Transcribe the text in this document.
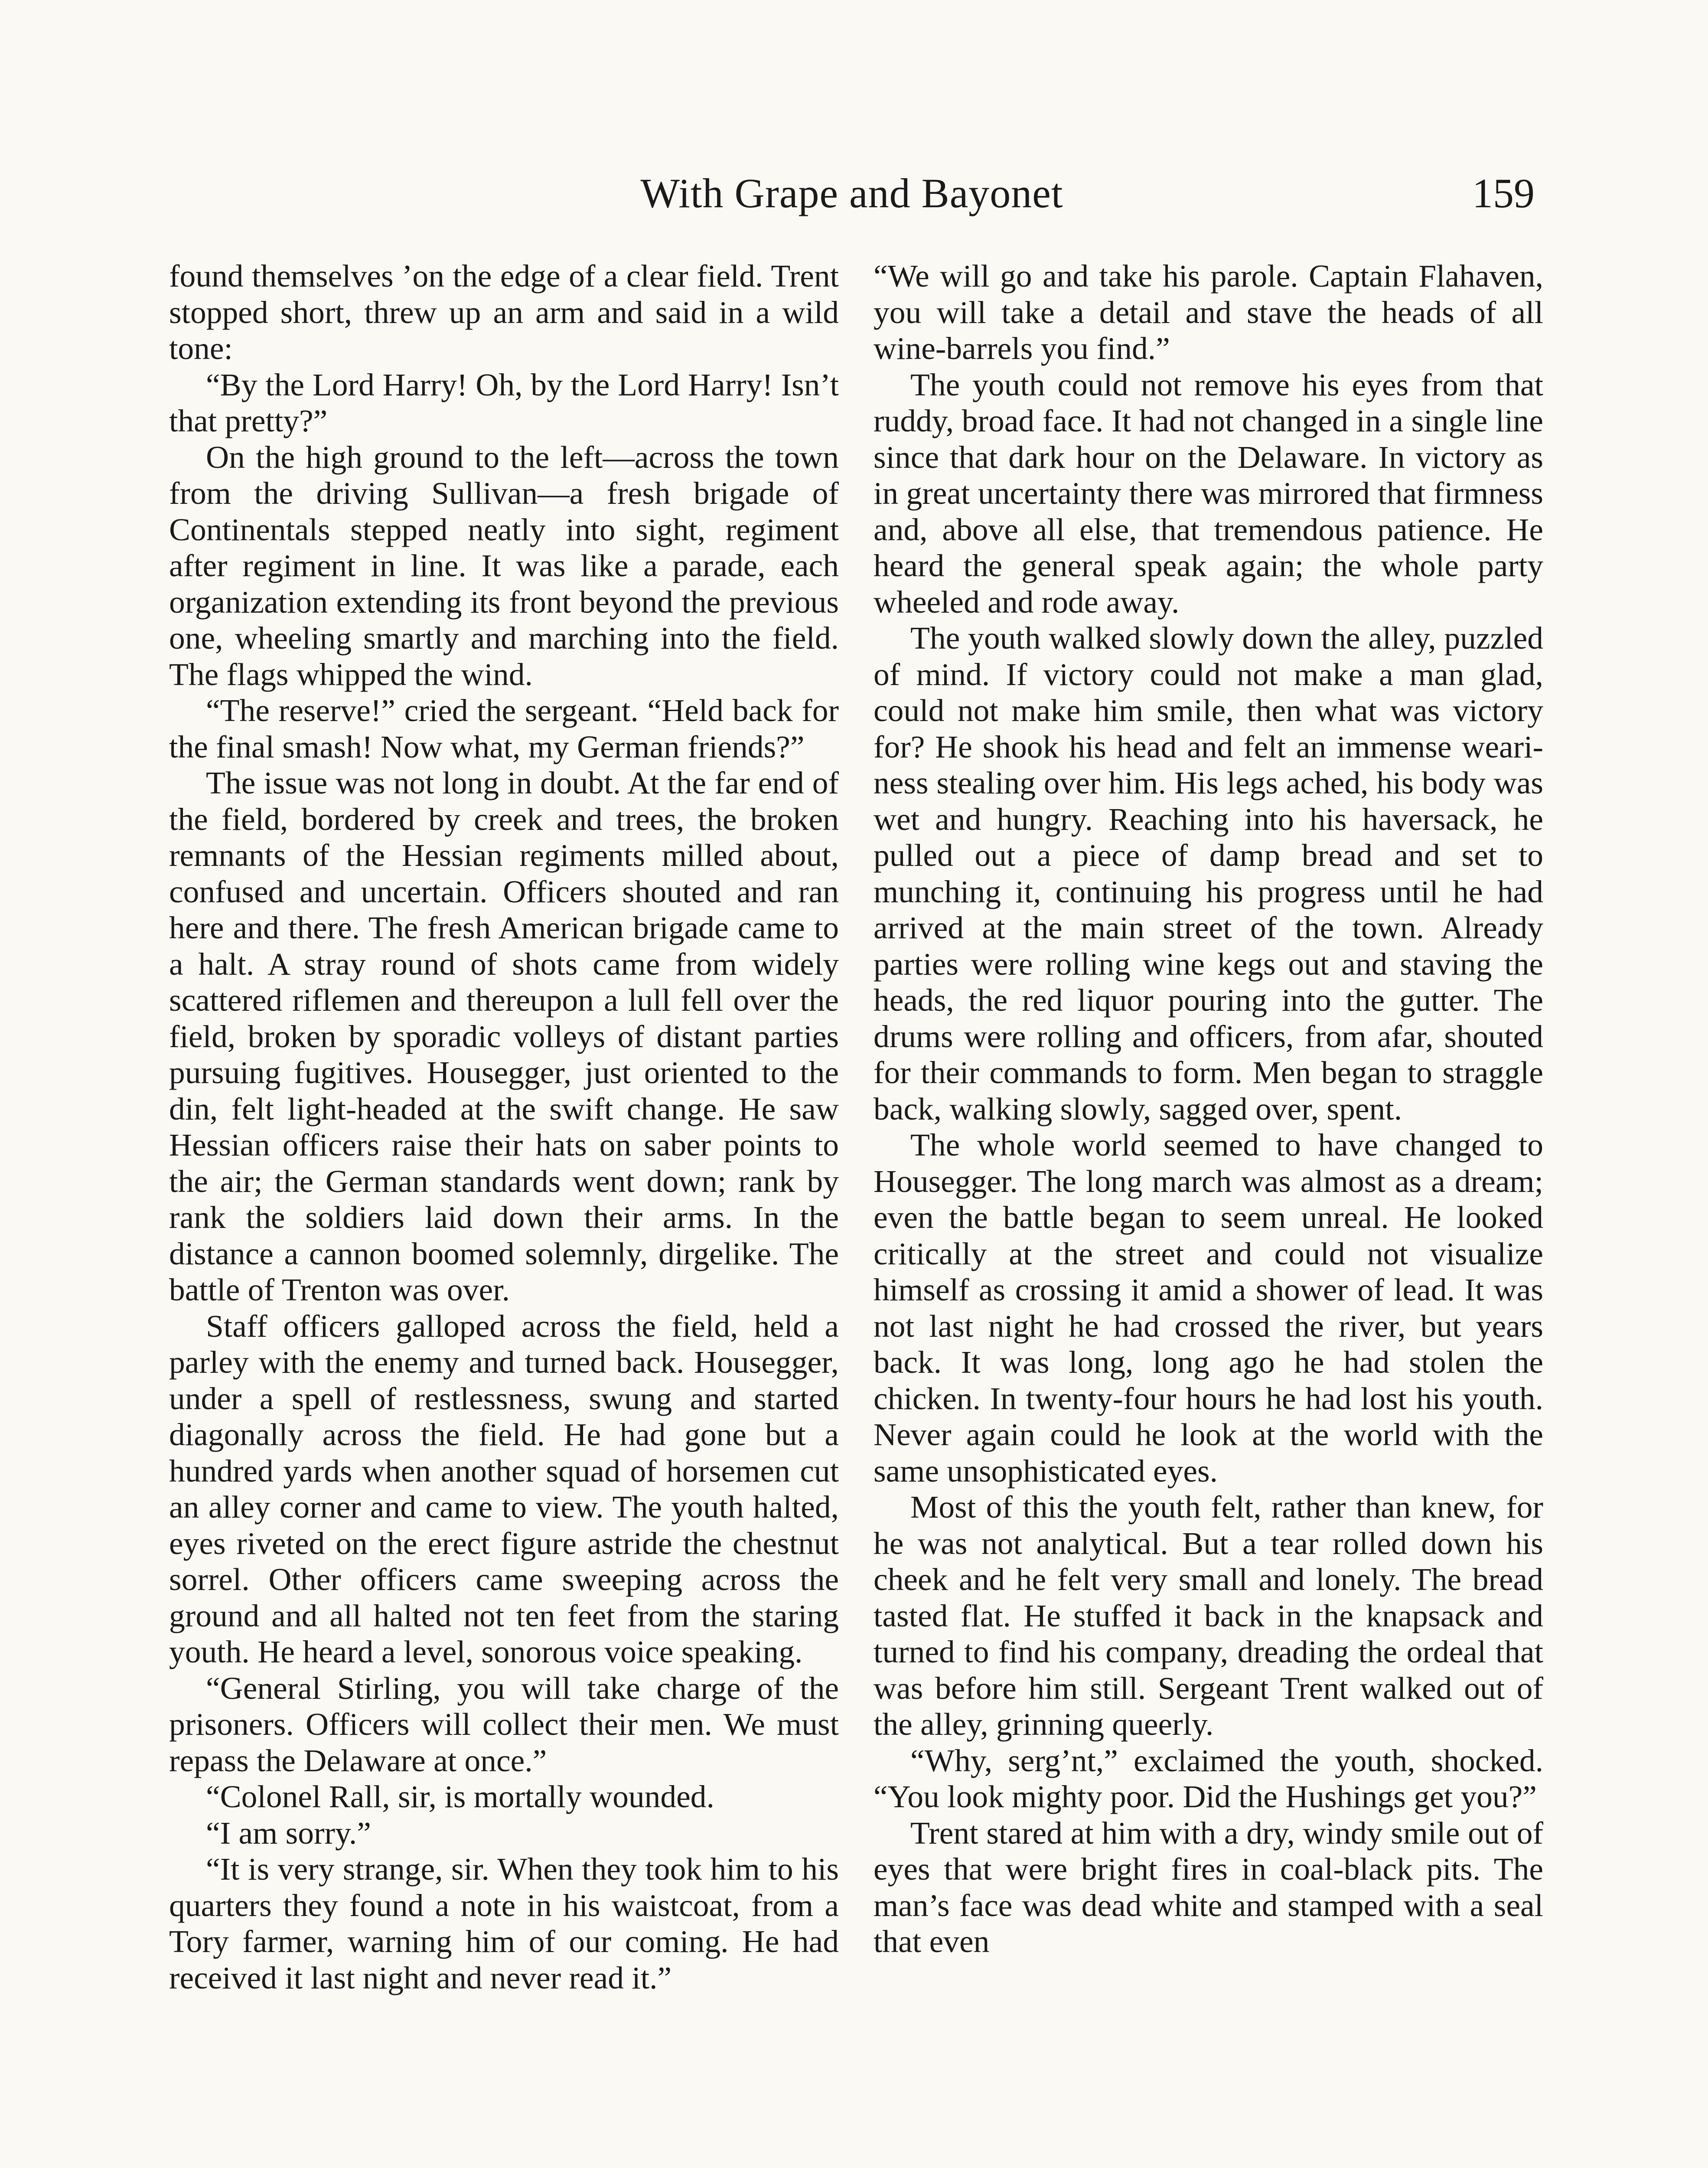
With Grape and Bayonet	159

found themselves ’on the edge of a clear field. Trent stopped short, threw up an arm and said in a wild tone:

“By the Lord Harry! Oh, by the Lord Harry! Isn’t that pretty?”

On the high ground to the left—across the town from the driving Sullivan—a fresh brigade of Continentals stepped neatly into sight, regiment after regiment in line. It was like a parade, each organization extending its front beyond the previous one, wheeling smartly and marching into the field. The flags whipped the wind.

“The reserve!” cried the sergeant. “Held back for the final smash! Now what, my German friends?”

The issue was not long in doubt. At the far end of the field, bordered by creek and trees, the broken remnants of the Hessian regiments milled about, confused and uncertain. Officers shouted and ran here and there. The fresh American brigade came to a halt. A stray round of shots came from widely scattered riflemen and thereupon a lull fell over the field, broken by sporadic volleys of distant parties pursuing fugitives. Housegger, just oriented to the din, felt light-headed at the swift change. He saw Hessian officers raise their hats on saber points to the air; the German standards went down; rank by rank the soldiers laid down their arms. In the distance a cannon boomed solemnly, dirgelike. The battle of Trenton was over.

Staff officers galloped across the field, held a parley with the enemy and turned back. Housegger, under a spell of restlessness, swung and started diagonally across the field. He had gone but a hundred yards when another squad of horsemen cut an alley corner and came to view. The youth halted, eyes riveted on the erect figure astride the chestnut sorrel. Other officers came sweeping across the ground and all halted not ten feet from the staring youth. He heard a level, sonorous voice speaking.

“General Stirling, you will take charge of the prisoners. Officers will collect their men. We must repass the Delaware at once.”

“Colonel Rall, sir, is mortally wounded.

“I am sorry.”

“It is very strange, sir. When they took him to his quarters they found a note in his waistcoat, from a Tory farmer, warning him of our coming. He had received it last night and never read it.”

“We will go and take his parole. Captain Flahaven, you will take a detail and stave the heads of all wine-barrels you find.”

The youth could not remove his eyes from that ruddy, broad face. It had not changed in a single line since that dark hour on the Delaware. In victory as in great uncertainty there was mirrored that firmness and, above all else, that tremendous patience. He heard the general speak again; the whole party wheeled and rode away.

The youth walked slowly down the alley, puzzled of mind. If victory could not make a man glad, could not make him smile, then what was victory for? He shook his head and felt an immense weariness stealing over him. His legs ached, his body was wet and hungry. Reaching into his haversack, he pulled out a piece of damp bread and set to munching it, continuing his progress until he had arrived at the main street of the town. Already parties were rolling wine kegs out and staving the heads, the red liquor pouring into the gutter. The drums were rolling and officers, from afar, shouted for their commands to form. Men began to straggle back, walking slowly, sagged over, spent.

The whole world seemed to have changed to Housegger. The long march was almost as a dream; even the battle began to seem unreal. He looked critically at the street and could not visualize himself as crossing it amid a shower of lead. It was not last night he had crossed the river, but years back. It was long, long ago he had stolen the chicken. In twenty-four hours he had lost his youth. Never again could he look at the world with the same unsophisticated eyes.

Most of this the youth felt, rather than knew, for he was not analytical. But a tear rolled down his cheek and he felt very small and lonely. The bread tasted flat. He stuffed it back in the knapsack and turned to find his company, dreading the ordeal that was before him still. Sergeant Trent walked out of the alley, grinning queerly.

“Why, serg’nt,” exclaimed the youth, shocked. “You look mighty poor. Did the Hushings get you?”

Trent stared at him with a dry, windy smile out of eyes that were bright fires in coal-black pits. The man’s face was dead white and stamped with a seal that even
